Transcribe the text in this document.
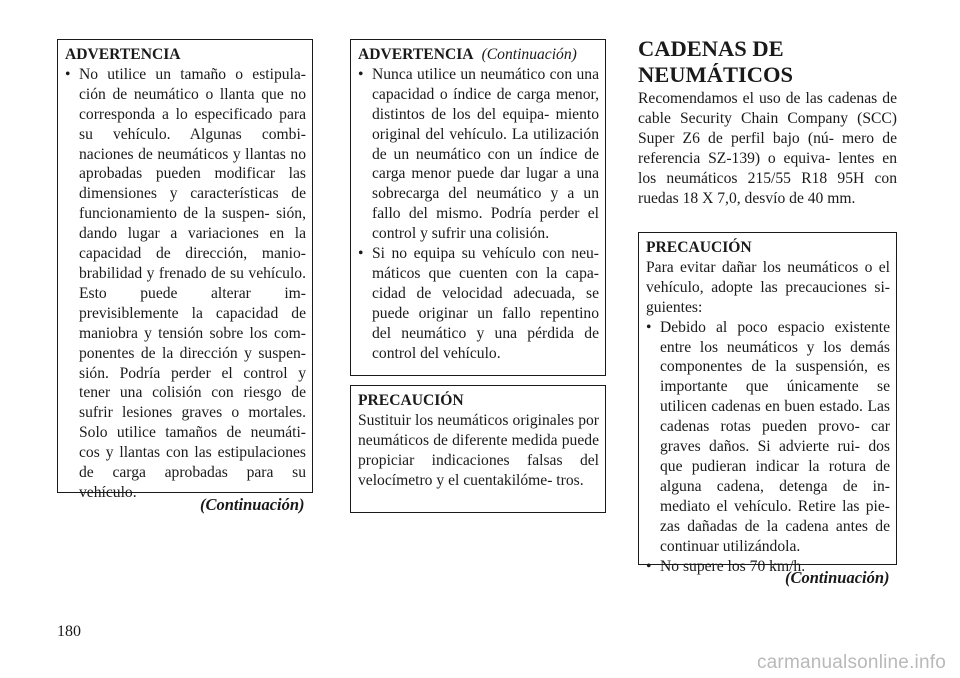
ADVERTENCIA
• No utilice un tamaño o estipula- ción de neumático o llanta que no corresponda a lo especificado para su vehículo. Algunas combi- naciones de neumáticos y llantas no aprobadas pueden modificar las dimensiones y características de funcionamiento de la suspen- sión, dando lugar a variaciones en la capacidad de dirección, manio- brabilidad y frenado de su vehículo. Esto puede alterar im- previsiblemente la capacidad de maniobra y tensión sobre los com- ponentes de la dirección y suspen- sión. Podría perder el control y tener una colisión con riesgo de sufrir lesiones graves o mortales. Solo utilice tamaños de neumáti- cos y llantas con las estipulaciones de carga aprobadas para su vehículo.
(Continuación)
ADVERTENCIA (Continuación)
• Nunca utilice un neumático con una capacidad o índice de carga menor, distintos de los del equipa- miento original del vehículo. La utilización de un neumático con un índice de carga menor puede dar lugar a una sobrecarga del neumático y a un fallo del mismo. Podría perder el control y sufrir una colisión.
• Si no equipa su vehículo con neu- máticos que cuenten con la capa- cidad de velocidad adecuada, se puede originar un fallo repentino del neumático y una pérdida de control del vehículo.
PRECAUCIÓN
Sustituir los neumáticos originales por neumáticos de diferente medida puede propiciar indicaciones falsas del velocímetro y el cuentakilóme- tros.
CADENAS DE
NEUMÁTICOS
Recomendamos el uso de las cadenas de cable Security Chain Company (SCC) Super Z6 de perfil bajo (nú- mero de referencia SZ-139) o equiva- lentes en los neumáticos 215/55 R18 95H con ruedas 18 X 7,0, desvío de 40 mm.
PRECAUCIÓN
Para evitar dañar los neumáticos o el vehículo, adopte las precauciones si- guientes:
• Debido al poco espacio existente entre los neumáticos y los demás componentes de la suspensión, es importante que únicamente se utilicen cadenas en buen estado. Las cadenas rotas pueden provo- car graves daños. Si advierte rui- dos que pudieran indicar la rotura de alguna cadena, detenga de in- mediato el vehículo. Retire las pie- zas dañadas de la cadena antes de continuar utilizándola.
• No supere los 70 km/h.
(Continuación)
180
carmanualsonline.info
